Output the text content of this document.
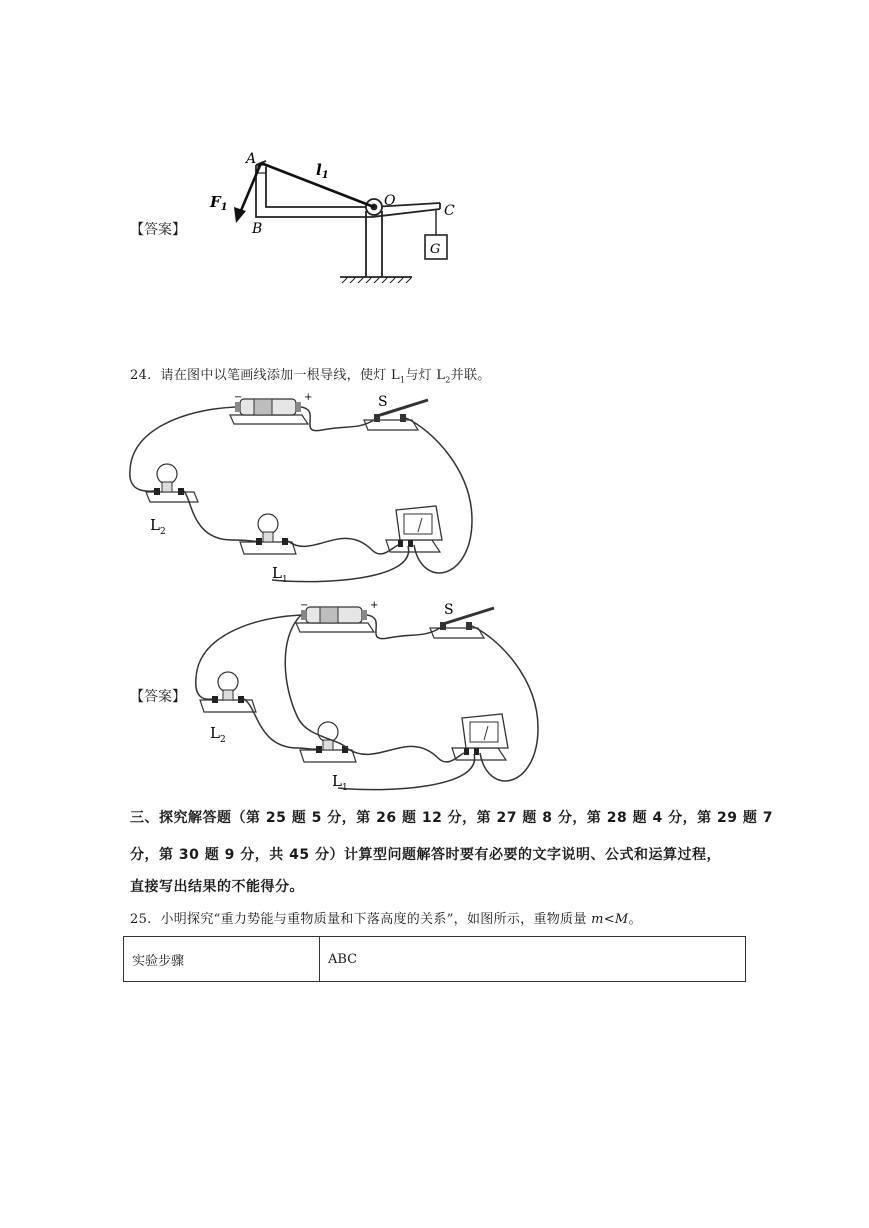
【答案】
A
B
O
C
G
$l_1$
$F_1$
24. 请在图中以笔画线添加一根导线，使灯 $L_1$与灯 $L_2$并联。
−	+	S
$L_2$
$L_1$
【答案】
−	+	S
$L_2$
$L_1$
三、探究解答题（第 25 题 5 分，第 26 题 12 分，第 27 题 8 分，第 28 题 4 分，第 29 题 7
分，第 30 题 9 分，共 45 分）计算型问题解答时要有必要的文字说明、公式和运算过程，
直接写出结果的不能得分。
25. 小明探究“重力势能与重物质量和下落高度的关系”，如图所示，重物质量 m<M。
实验步骤	ABC
